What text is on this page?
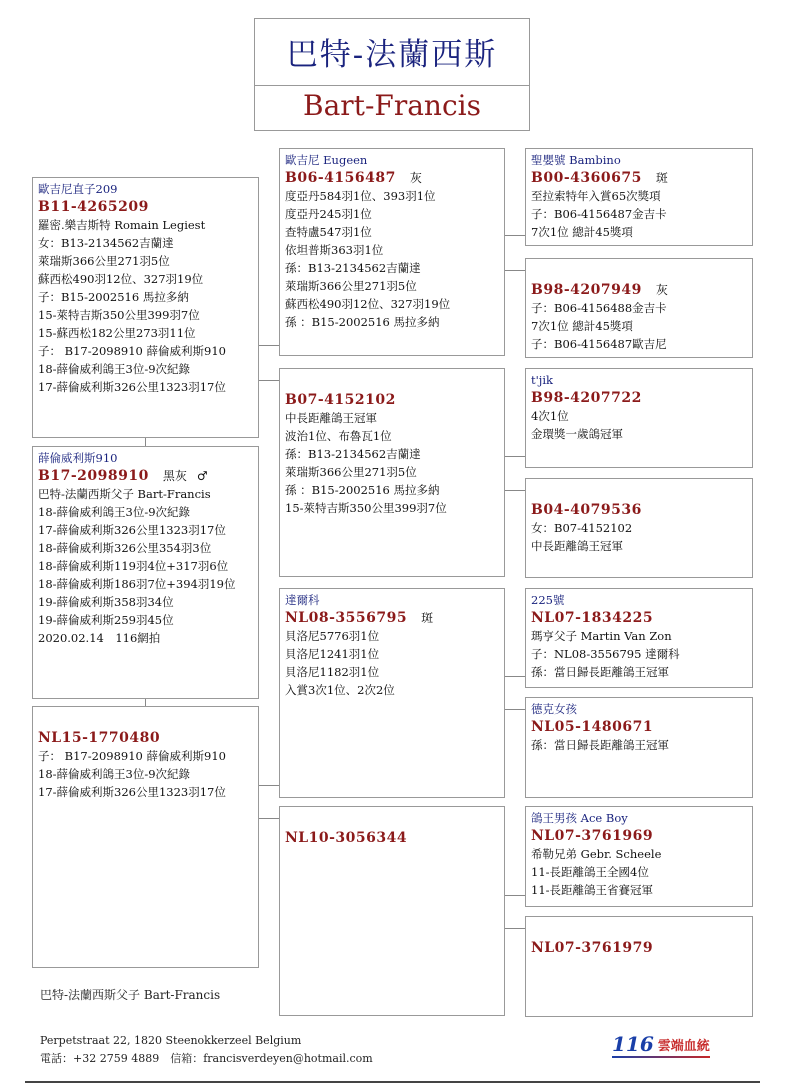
巴特-法蘭西斯
Bart-Francis
歐吉尼直子209
B11-4265209
羅密.樂吉斯特 Romain Legiest
女：B13-2134562吉蘭達
萊瑞斯366公里271羽5位
蘇西松490羽12位、327羽19位
子：B15-2002516 馬拉多納
15-萊特吉斯350公里399羽7位
15-蘇西松182公里273羽11位
子： B17-2098910 薛倫威利斯910
18-薛倫威利鴿王3位-9次紀錄
17-薛倫威利斯326公里1323羽17位
薛倫威利斯910
B17-2098910 黑灰 ♂
巴特-法蘭西斯父子 Bart-Francis
18-薛倫威利鴿王3位-9次紀錄
17-薛倫威利斯326公里1323羽17位
18-薛倫威利斯326公里354羽3位
18-薛倫威利斯119羽4位+317羽6位
18-薛倫威利斯186羽7位+394羽19位
19-薛倫威利斯358羽34位
19-薛倫威利斯259羽45位
2020.02.14　116網拍
NL15-1770480
子： B17-2098910 薛倫威利斯910
18-薛倫威利鴿王3位-9次紀錄
17-薛倫威利斯326公里1323羽17位
歐吉尼 Eugeen
B06-4156487 灰
度亞丹584羽1位、393羽1位
度亞丹245羽1位
查特盧547羽1位
依坦普斯363羽1位
孫：B13-2134562吉蘭達
萊瑞斯366公里271羽5位
蘇西松490羽12位、327羽19位
孫 ：B15-2002516 馬拉多納
B07-4152102
中長距離鴿王冠軍
波治1位、布魯瓦1位
孫：B13-2134562吉蘭達
萊瑞斯366公里271羽5位
孫 ：B15-2002516 馬拉多納
15-萊特吉斯350公里399羽7位
達爾科
NL08-3556795 斑
貝洛尼5776羽1位
貝洛尼1241羽1位
貝洛尼1182羽1位
入賞3次1位、2次2位
NL10-3056344
聖嬰號 Bambino
B00-4360675 斑
至拉索特年入賞65次獎項
子：B06-4156487金吉卡
7次1位 總計45獎項
B98-4207949 灰
子：B06-4156488金吉卡
7次1位 總計45獎項
子：B06-4156487歐吉尼
t'jik
B98-4207722
4次1位
金環獎一歲鴿冠軍
B04-4079536
女：B07-4152102
中長距離鴿王冠軍
225號
NL07-1834225
瑪亨父子 Martin Van Zon
子：NL08-3556795 達爾科
孫：當日歸長距離鴿王冠軍
德克女孩
NL05-1480671
孫：當日歸長距離鴿王冠軍
鴿王男孩 Ace Boy
NL07-3761969
希勒兄弟 Gebr. Scheele
11-長距離鴿王全國4位
11-長距離鴿王省賽冠軍
NL07-3761979
巴特-法蘭西斯父子 Bart-Francis
Perpetstraat 22, 1820 Steenokkerzeel Belgium
電話：+32 2759 4889　信箱：francisverdeyen@hotmail.com
116 雲端血統
